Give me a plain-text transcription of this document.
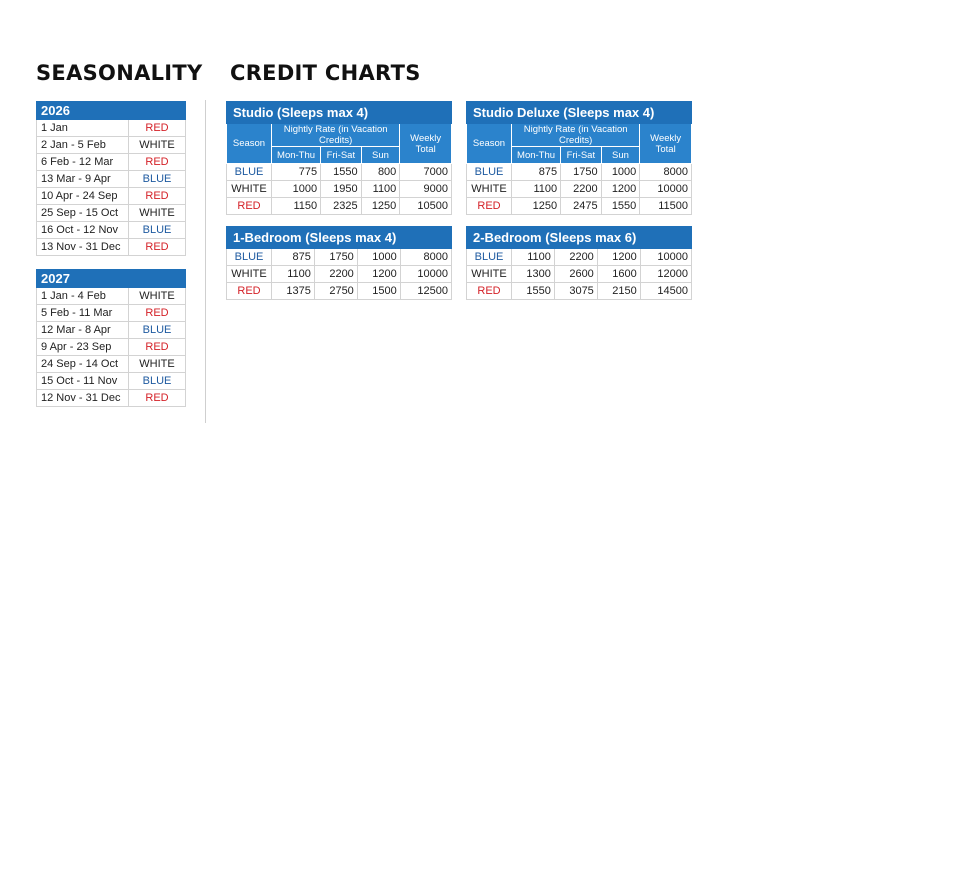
SEASONALITY CREDIT CHARTS
2026	
1 Jan	RED
2 Jan - 5 Feb	WHITE
6 Feb - 12 Mar	RED
13 Mar - 9 Apr	BLUE
10 Apr - 24 Sep	RED
25 Sep - 15 Oct	WHITE
16 Oct - 12 Nov	BLUE
13 Nov - 31 Dec	RED
2027	
1 Jan - 4 Feb	WHITE
5 Feb - 11 Mar	RED
12 Mar - 8 Apr	BLUE
9 Apr - 23 Sep	RED
24 Sep - 14 Oct	WHITE
15 Oct - 11 Nov	BLUE
12 Nov - 31 Dec	RED
Studio (Sleeps max 4)				
Season	Nightly Rate (in Vacation Credits)			Weekly Total
	Mon-Thu	Fri-Sat	Sun	
BLUE	775	1550	800	7000
WHITE	1000	1950	1100	9000
RED	1150	2325	1250	10500
Studio Deluxe (Sleeps max 4)				
Season	Nightly Rate (in Vacation Credits)			Weekly Total
	Mon-Thu	Fri-Sat	Sun	
BLUE	875	1750	1000	8000
WHITE	1100	2200	1200	10000
RED	1250	2475	1550	11500
1-Bedroom (Sleeps max 4)				
BLUE	875	1750	1000	8000
WHITE	1100	2200	1200	10000
RED	1375	2750	1500	12500
2-Bedroom (Sleeps max 6)				
BLUE	1100	2200	1200	10000
WHITE	1300	2600	1600	12000
RED	1550	3075	2150	14500
